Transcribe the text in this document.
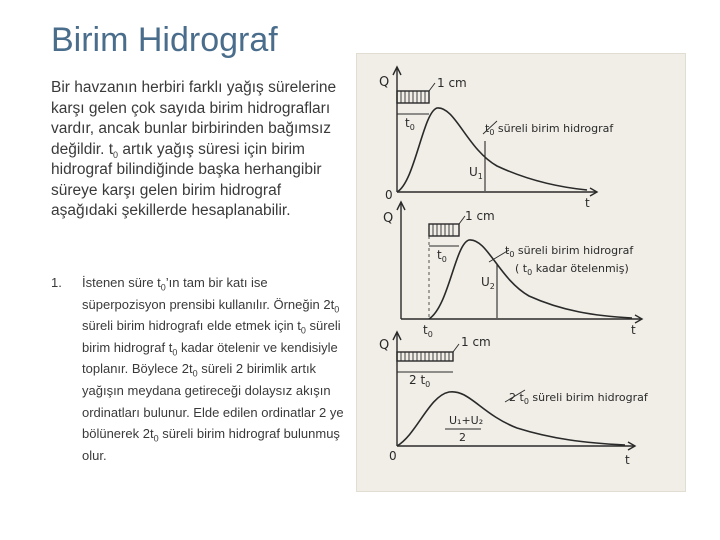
Birim Hidrograf

Bir havzanın herbiri farklı yağış sürelerine karşı gelen çok sayıda birim hidrografları vardır, ancak bunlar birbirinden bağımsız değildir. $t_0$ artık yağış süresi için birim hidrograf bilindiğinde başka herhangibir süreye karşı gelen birim hidrograf aşağıdaki şekillerde hesaplanabilir.

1. İstenen süre $t_0’ın$ tam bir katı ise süperpozisyon prensibi kullanılır. Örneğin $2t_0$ süreli birim hidrografı elde etmek için $t_0$ süreli birim hidrograf $t_0$ kadar ötelenir ve kendisiyle toplanır. Böylece $2t_0$ süreli 2 birimlik artık yağışın meydana getireceği dolaysız akışın ordinatları bulunur. Elde edilen ordinatlar 2 ye bölünerek $2t_0$ süreli birim hidrograf bulunmuş olur.
Q	1 cm
$t_0$	$t_0$ süreli birim hidrograf
$U_1$
0
t
Q	1 cm
$t_0$
$t_0$ süreli birim hidrograf
( $t_0$ kadar ötelenmiş)
$U_2$
$t_0$	t
Q	1 cm
2 $t_0$
2 $t_0$ süreli birim hidrograf
U₁+U₂
2
0	t
